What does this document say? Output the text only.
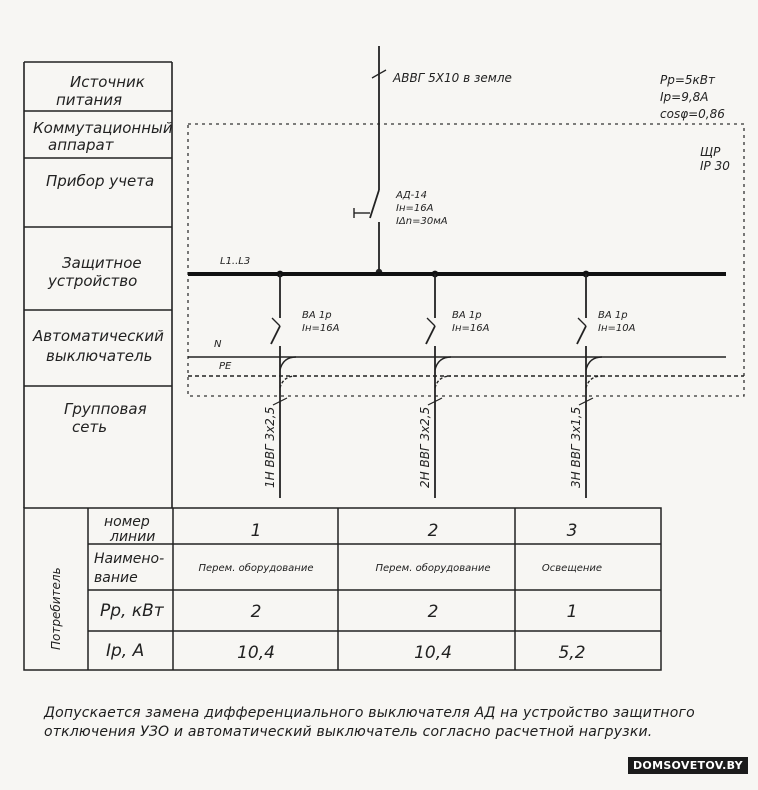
Источник
питания
Коммутационный
аппарат
Прибор учета
Защитное
устройство
Автоматический
выключатель
Групповая
сеть
ЩР
IP 30
АВВГ 5Х10 в земле	Pp=5кВт
Ip=9,8A
cosφ=0,86
АД-14
Iн=16A
IΔn=30мA
L1..L3
N
PE
ВА 1р
Iн=16A
1Н ВВГ 3х2,5
ВА 1р
Iн=16A
2Н ВВГ 3х2,5
ВА 1р
Iн=10A
3Н ВВГ 3х1,5
Потребитель
номер
линии
Наимено-
вание
Pp, кВт
Ip, A
1
Перем. оборудование
2
10,4
2
Перем. оборудование
2
10,4
3
Освещение
1
5,2
Допускается замена дифференциального выключателя АД на устройство защитного отключения УЗО и автоматический выключатель согласно расчетной нагрузки.
DOMSOVETOV.BY
